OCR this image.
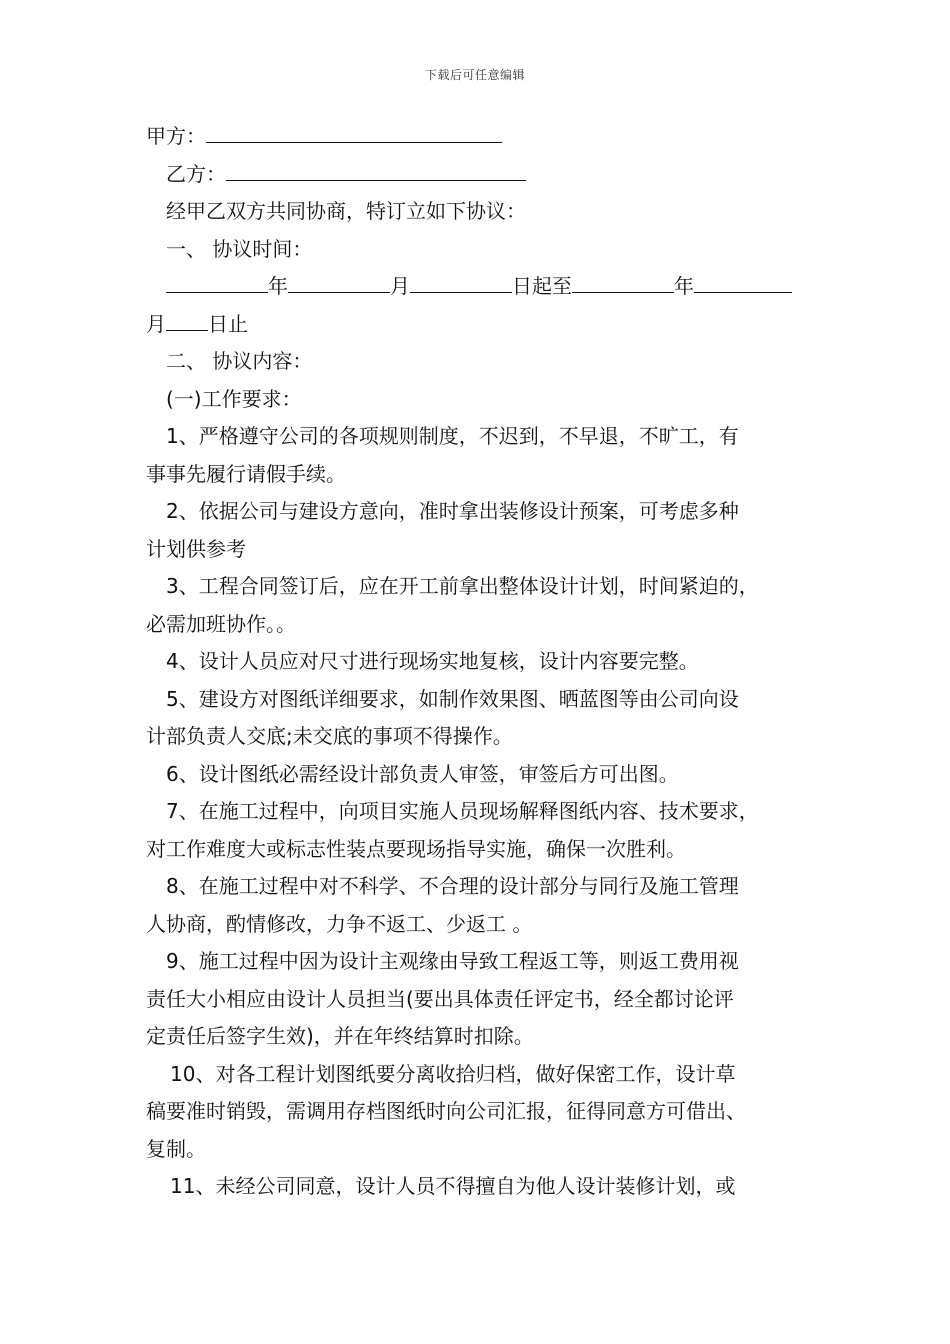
下载后可任意编辑
甲方：
乙方：
经甲乙双方共同协商，特订立如下协议：
一、 协议时间：
年	月	日起至	年
月 日止
二、 协议内容：
(一)工作要求：
1、严格遵守公司的各项规则制度，不迟到，不早退，不旷工，有
事事先履行请假手续。
2、依据公司与建设方意向，准时拿出装修设计预案，可考虑多种
计划供参考
3、工程合同签订后，应在开工前拿出整体设计计划，时间紧迫的，
必需加班协作。。
4、设计人员应对尺寸进行现场实地复核，设计内容要完整。
5、建设方对图纸详细要求，如制作效果图、晒蓝图等由公司向设
计部负责人交底;未交底的事项不得操作。
6、设计图纸必需经设计部负责人审签，审签后方可出图。
7、在施工过程中，向项目实施人员现场解释图纸内容、技术要求，
对工作难度大或标志性装点要现场指导实施，确保一次胜利。
8、在施工过程中对不科学、不合理的设计部分与同行及施工管理
人协商，酌情修改，力争不返工、少返工 。
9、施工过程中因为设计主观缘由导致工程返工等，则返工费用视
责任大小相应由设计人员担当(要出具体责任评定书，经全都讨论评
定责任后签字生效)，并在年终结算时扣除。
10、对各工程计划图纸要分离收拾归档，做好保密工作，设计草
稿要准时销毁，需调用存档图纸时向公司汇报，征得同意方可借出、
复制。
11、未经公司同意，设计人员不得擅自为他人设计装修计划，或
